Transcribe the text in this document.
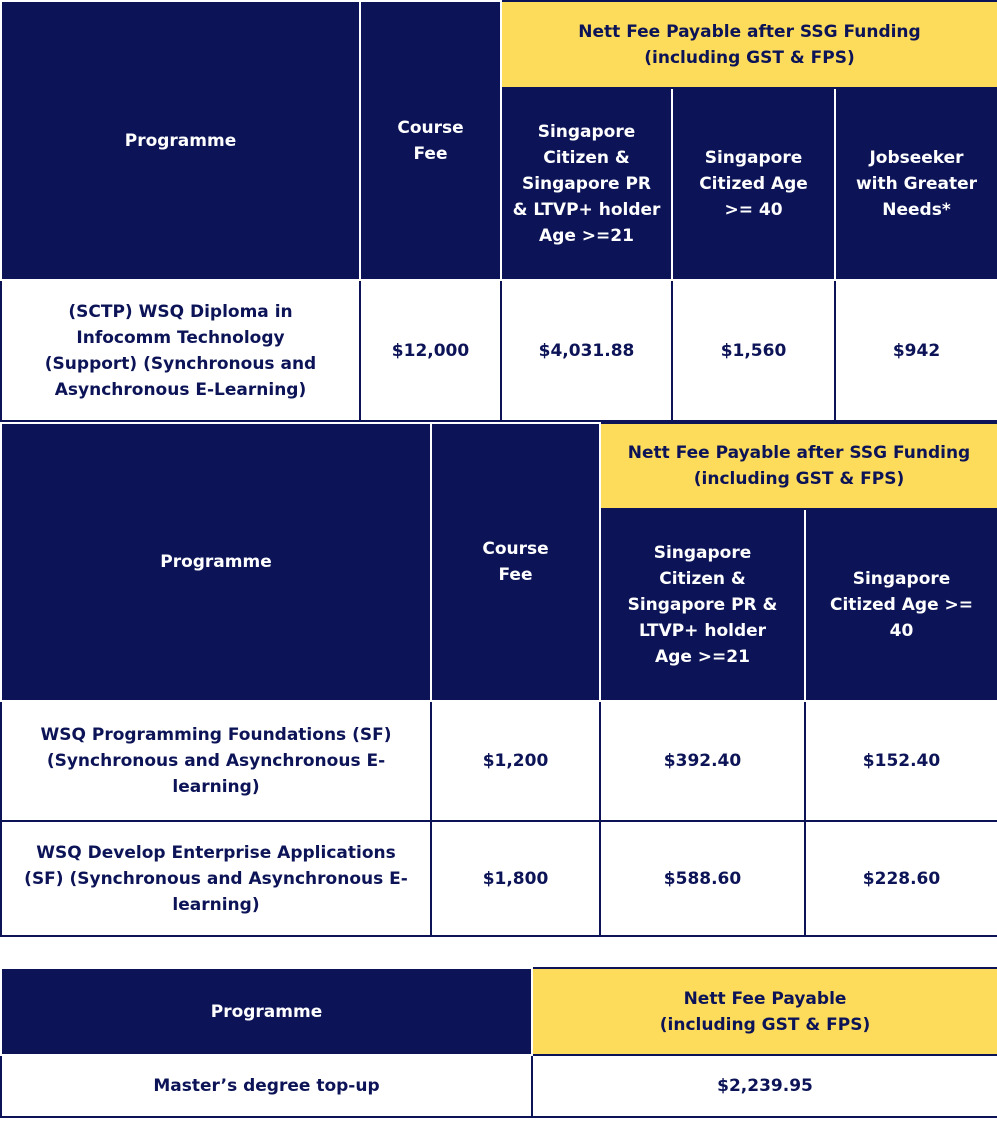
Programme	Course Fee	Nett Fee Payable after SSG Funding (including GST & FPS)		
		Singapore Citizen & Singapore PR & LTVP+ holder Age >=21	Singapore Citized Age >= 40	Jobseeker with Greater Needs*
(SCTP) WSQ Diploma in Infocomm Technology (Support) (Synchronous and Asynchronous E-Learning)	$12,000	$4,031.88	$1,560	$942
Programme	Course Fee	Nett Fee Payable after SSG Funding (including GST & FPS)	
		Singapore Citizen & Singapore PR & LTVP+ holder Age >=21	Singapore Citized Age >= 40
WSQ Programming Foundations (SF) (Synchronous and Asynchronous E-learning)	$1,200	$392.40	$152.40
WSQ Develop Enterprise Applications (SF) (Synchronous and Asynchronous E-learning)	$1,800	$588.60	$228.60
Programme	Nett Fee Payable (including GST & FPS)
Master’s degree top-up	$2,239.95
